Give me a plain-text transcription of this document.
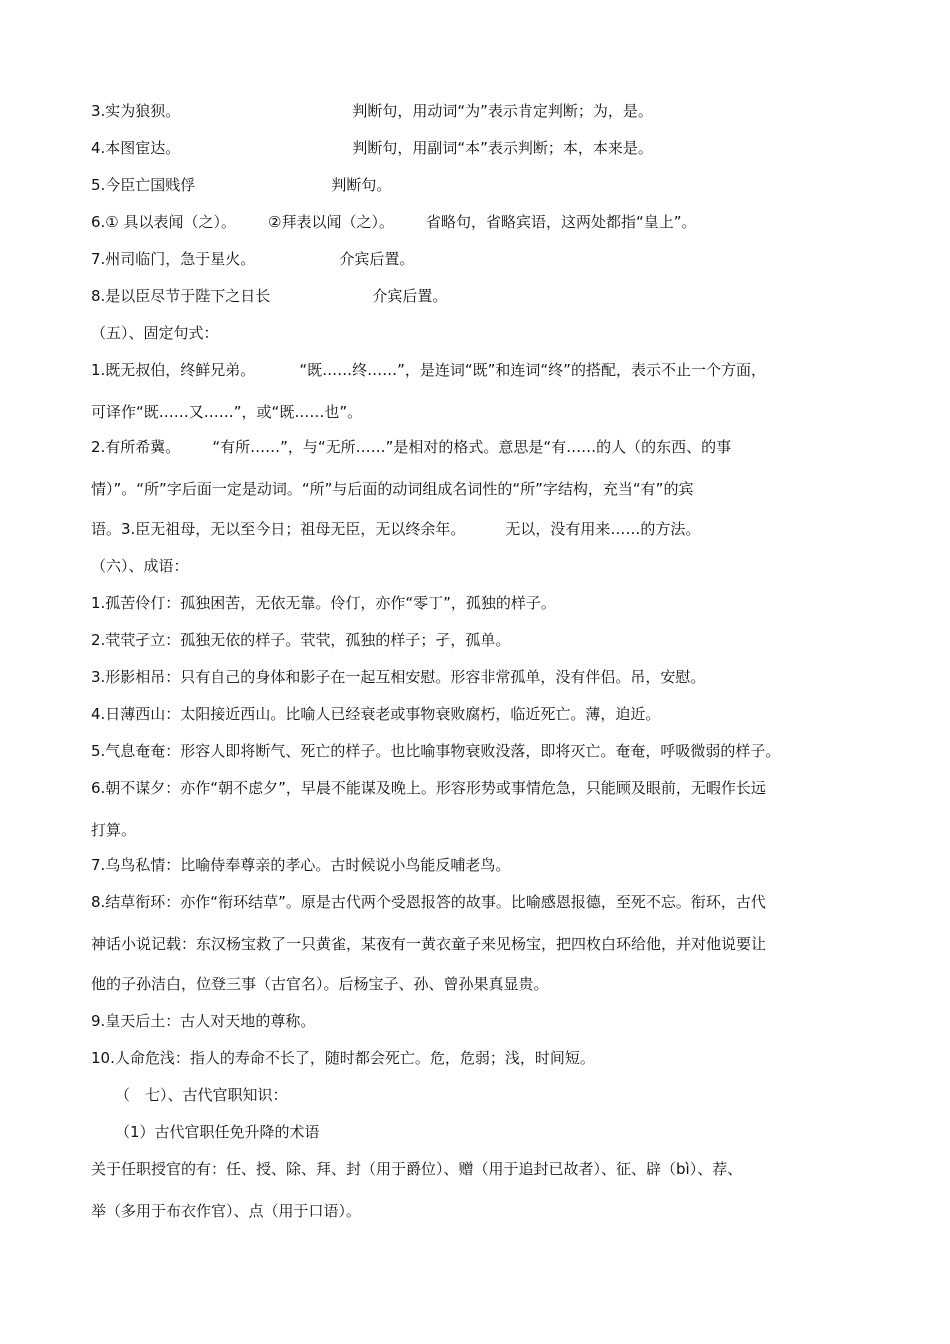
3.实为狼狈。	判断句，用动词“为”表示肯定判断；为，是。
4.本图宦达。	判断句，用副词“本”表示判断；本，本来是。
5.今臣亡国贱俘	判断句。
6.① 具以表闻（之）。 ②拜表以闻（之）。 省略句，省略宾语，这两处都指“皇上”。
7.州司临门，急于星火。	介宾后置。
8.是以臣尽节于陛下之日长	介宾后置。
（五）、固定句式：
1.既无叔伯，终鲜兄弟。	“既……终……”，是连词“既”和连词“终”的搭配，表示不止一个方面，
可译作“既……又……”，或“既……也”。
2.有所希冀。 “有所……”，与“无所……”是相对的格式。意思是“有……的人（的东西、的事
情）”。“所”字后面一定是动词。“所”与后面的动词组成名词性的“所”字结构，充当“有”的宾
语。3.臣无祖母，无以至今日；祖母无臣，无以终余年。	无以，没有用来……的方法。
（六）、成语：
1.孤苦伶仃：孤独困苦，无依无靠。伶仃，亦作“零丁”，孤独的样子。
2.茕茕孑立：孤独无依的样子。茕茕，孤独的样子；孑，孤单。
3.形影相吊：只有自己的身体和影子在一起互相安慰。形容非常孤单，没有伴侣。吊，安慰。
4.日薄西山：太阳接近西山。比喻人已经衰老或事物衰败腐朽，临近死亡。薄，迫近。
5.气息奄奄：形容人即将断气、死亡的样子。也比喻事物衰败没落，即将灭亡。奄奄，呼吸微弱的样子。
6.朝不谋夕：亦作“朝不虑夕”，早晨不能谋及晚上。形容形势或事情危急，只能顾及眼前，无暇作长远
打算。
7.乌鸟私情：比喻侍奉尊亲的孝心。古时候说小鸟能反哺老鸟。
8.结草衔环：亦作“衔环结草”。原是古代两个受恩报答的故事。比喻感恩报德，至死不忘。衔环，古代
神话小说记载：东汉杨宝救了一只黄雀，某夜有一黄衣童子来见杨宝，把四枚白环给他，并对他说要让
他的子孙洁白，位登三事（古官名）。后杨宝子、孙、曾孙果真显贵。
9.皇天后土：古人对天地的尊称。
10.人命危浅：指人的寿命不长了，随时都会死亡。危，危弱；浅，时间短。
（　七）、古代官职知识：
（1）古代官职任免升降的术语
关于任职授官的有：任、授、除、拜、封（用于爵位）、赠（用于追封已故者）、征、辟（bì）、荐、
举（多用于布衣作官）、点（用于口语）。
